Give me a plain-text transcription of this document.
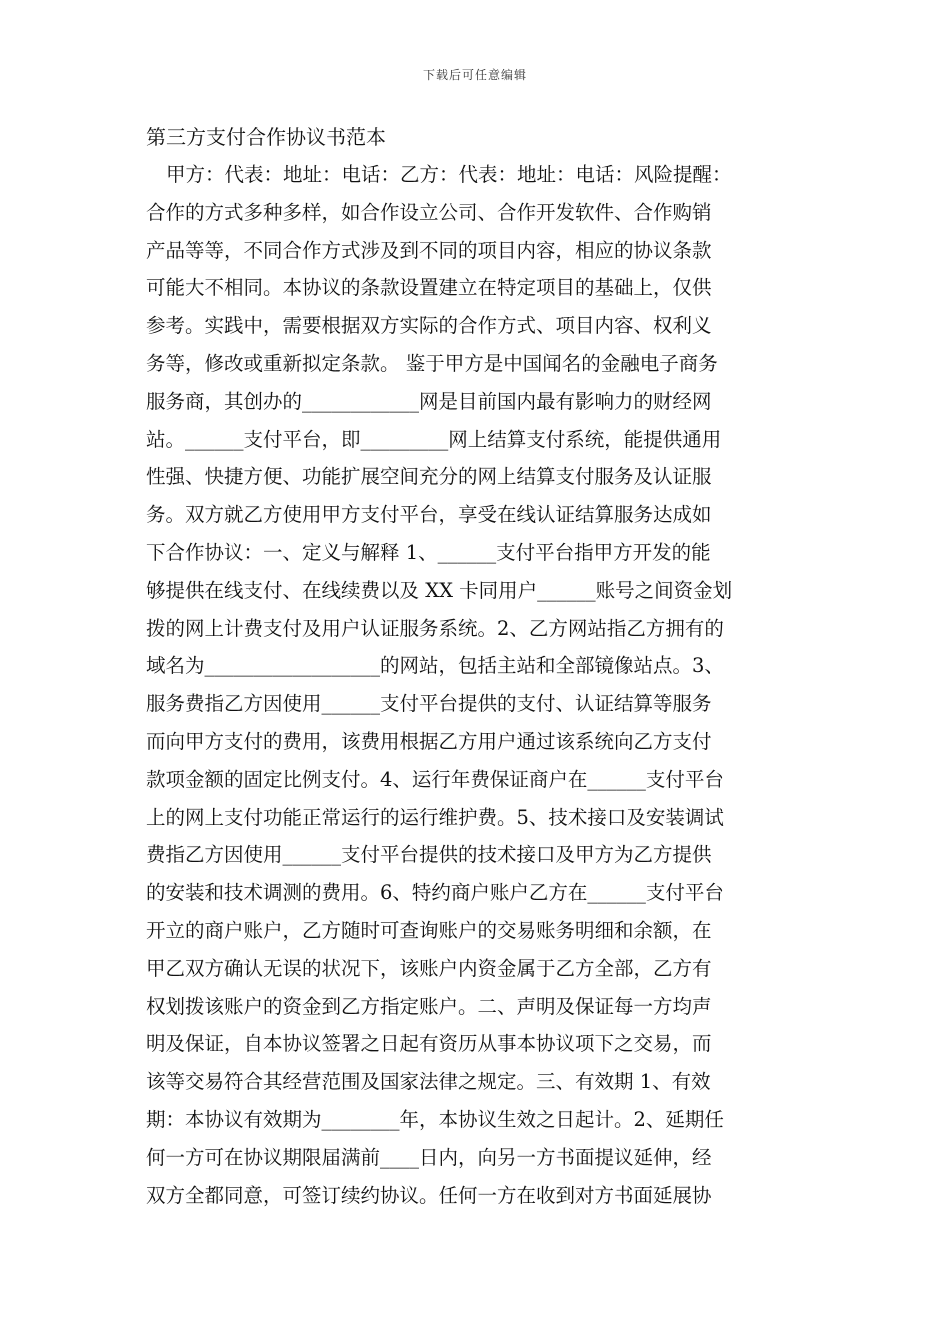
下载后可任意编辑
第三方支付合作协议书范本
甲方：代表：地址：电话：乙方：代表：地址：电话：风险提醒：
合作的方式多种多样，如合作设立公司、合作开发软件、合作购销
产品等等，不同合作方式涉及到不同的项目内容，相应的协议条款
可能大不相同。本协议的条款设置建立在特定项目的基础上，仅供
参考。实践中，需要根据双方实际的合作方式、项目内容、权利义
务等，修改或重新拟定条款。 鉴于甲方是中国闻名的金融电子商务
服务商，其创办的____________网是目前国内最有影响力的财经网
站。______支付平台，即_________网上结算支付系统，能提供通用
性强、快捷方便、功能扩展空间充分的网上结算支付服务及认证服
务。双方就乙方使用甲方支付平台，享受在线认证结算服务达成如
下合作协议：一、定义与解释 1、______支付平台指甲方开发的能
够提供在线支付、在线续费以及 XX 卡同用户______账号之间资金划
拨的网上计费支付及用户认证服务系统。2、乙方网站指乙方拥有的
域名为__________________的网站，包括主站和全部镜像站点。3、
服务费指乙方因使用______支付平台提供的支付、认证结算等服务
而向甲方支付的费用，该费用根据乙方用户通过该系统向乙方支付
款项金额的固定比例支付。4、运行年费保证商户在______支付平台
上的网上支付功能正常运行的运行维护费。5、技术接口及安装调试
费指乙方因使用______支付平台提供的技术接口及甲方为乙方提供
的安装和技术调测的费用。6、特约商户账户乙方在______支付平台
开立的商户账户，乙方随时可查询账户的交易账务明细和余额，在
甲乙双方确认无误的状况下，该账户内资金属于乙方全部，乙方有
权划拨该账户的资金到乙方指定账户。二、声明及保证每一方均声
明及保证，自本协议签署之日起有资历从事本协议项下之交易，而
该等交易符合其经营范围及国家法律之规定。三、有效期 1、有效
期：本协议有效期为________年，本协议生效之日起计。2、延期任
何一方可在协议期限届满前____日内，向另一方书面提议延伸，经
双方全都同意，可签订续约协议。任何一方在收到对方书面延展协
